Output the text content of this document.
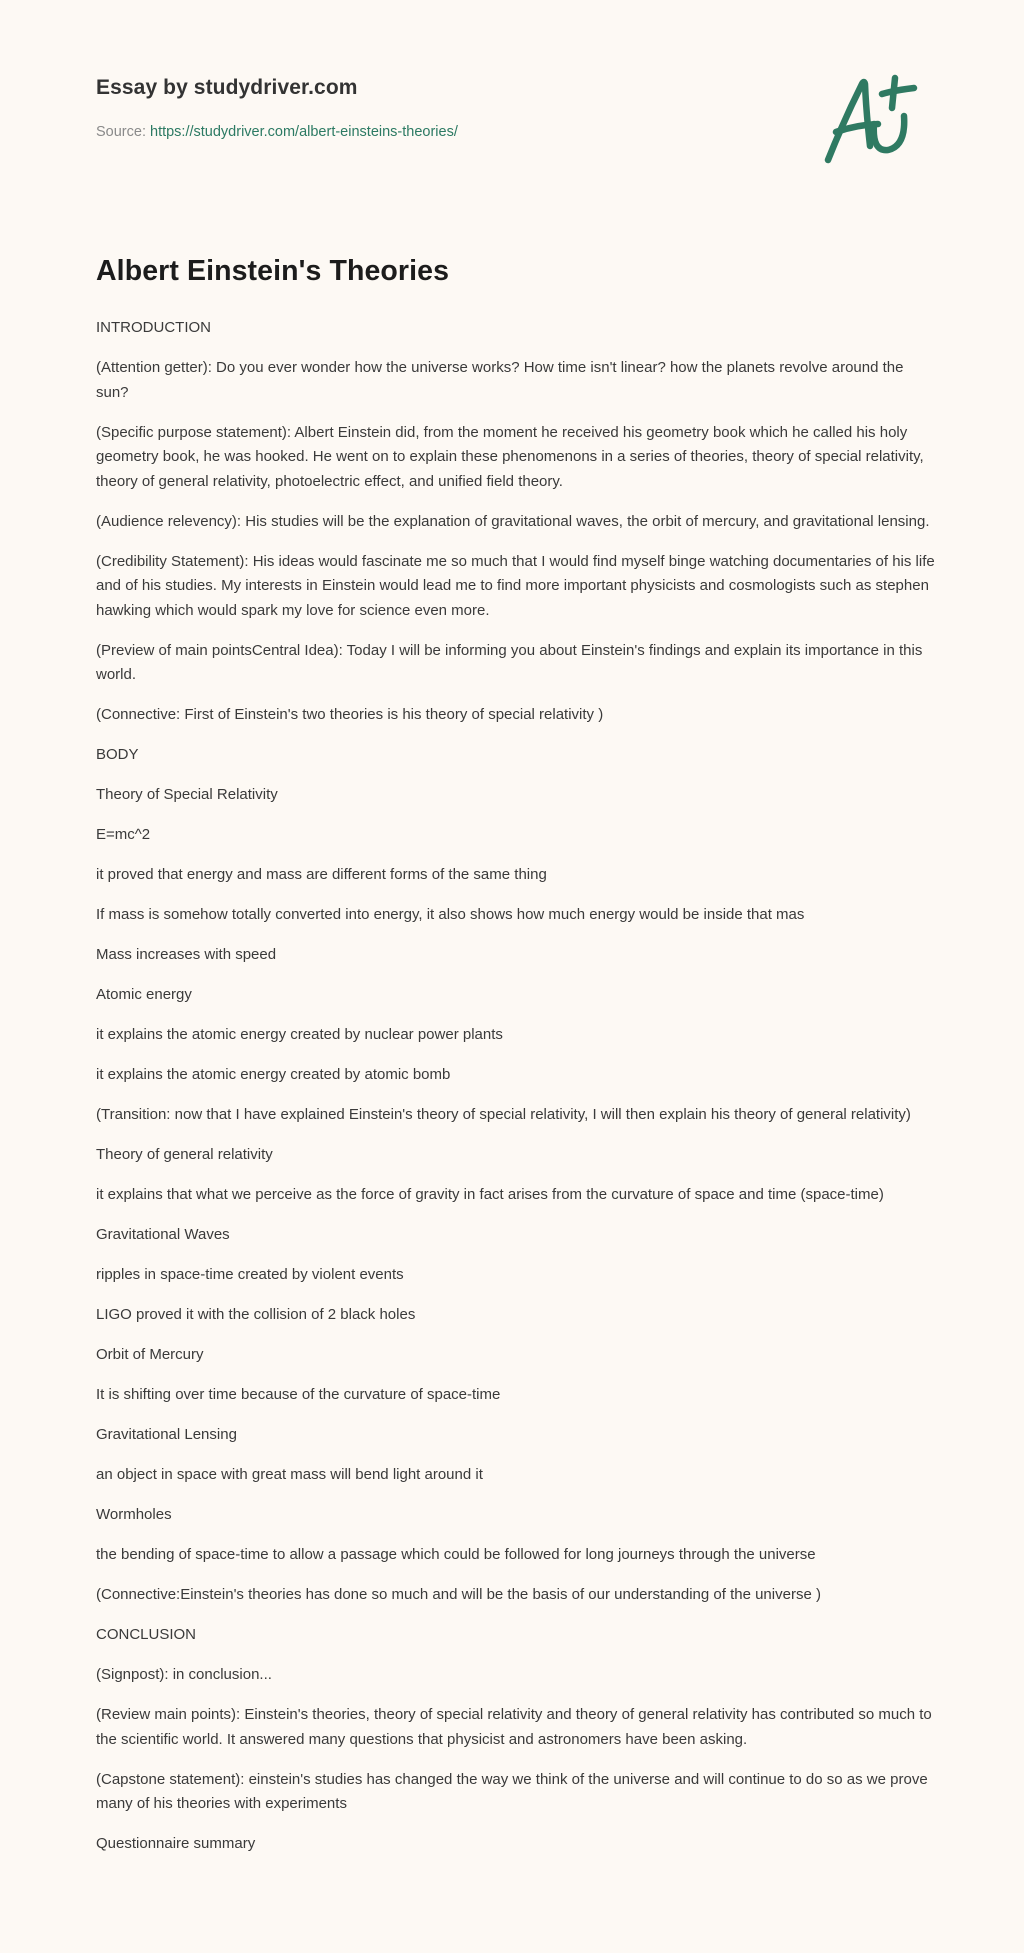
Essay by studydriver.com
Source: https://studydriver.com/albert-einsteins-theories/
Albert Einstein's Theories

INTRODUCTION

(Attention getter): Do you ever wonder how the universe works? How time isn't linear? how the planets revolve around the sun?

(Specific purpose statement): Albert Einstein did, from the moment he received his geometry book which he called his holy geometry book, he was hooked. He went on to explain these phenomenons in a series of theories, theory of special relativity, theory of general relativity, photoelectric effect, and unified field theory.

(Audience relevency): His studies will be the explanation of gravitational waves, the orbit of mercury, and gravitational lensing.

(Credibility Statement): His ideas would fascinate me so much that I would find myself binge watching documentaries of his life and of his studies. My interests in Einstein would lead me to find more important physicists and cosmologists such as stephen hawking which would spark my love for science even more.

(Preview of main pointsCentral Idea): Today I will be informing you about Einstein's findings and explain its importance in this world.

(Connective: First of Einstein's two theories is his theory of special relativity )

BODY

Theory of Special Relativity

E=mc^2

it proved that energy and mass are different forms of the same thing

If mass is somehow totally converted into energy, it also shows how much energy would be inside that mas

Mass increases with speed

Atomic energy

it explains the atomic energy created by nuclear power plants

it explains the atomic energy created by atomic bomb

(Transition: now that I have explained Einstein's theory of special relativity, I will then explain his theory of general relativity)

Theory of general relativity

it explains that what we perceive as the force of gravity in fact arises from the curvature of space and time (space-time)

Gravitational Waves

ripples in space-time created by violent events

LIGO proved it with the collision of 2 black holes

Orbit of Mercury

It is shifting over time because of the curvature of space-time

Gravitational Lensing

an object in space with great mass will bend light around it

Wormholes

the bending of space-time to allow a passage which could be followed for long journeys through the universe

(Connective:Einstein's theories has done so much and will be the basis of our understanding of the universe )

CONCLUSION

(Signpost): in conclusion...

(Review main points): Einstein's theories, theory of special relativity and theory of general relativity has contributed so much to the scientific world. It answered many questions that physicist and astronomers have been asking.

(Capstone statement): einstein's studies has changed the way we think of the universe and will continue to do so as we prove many of his theories with experiments

Questionnaire summary
